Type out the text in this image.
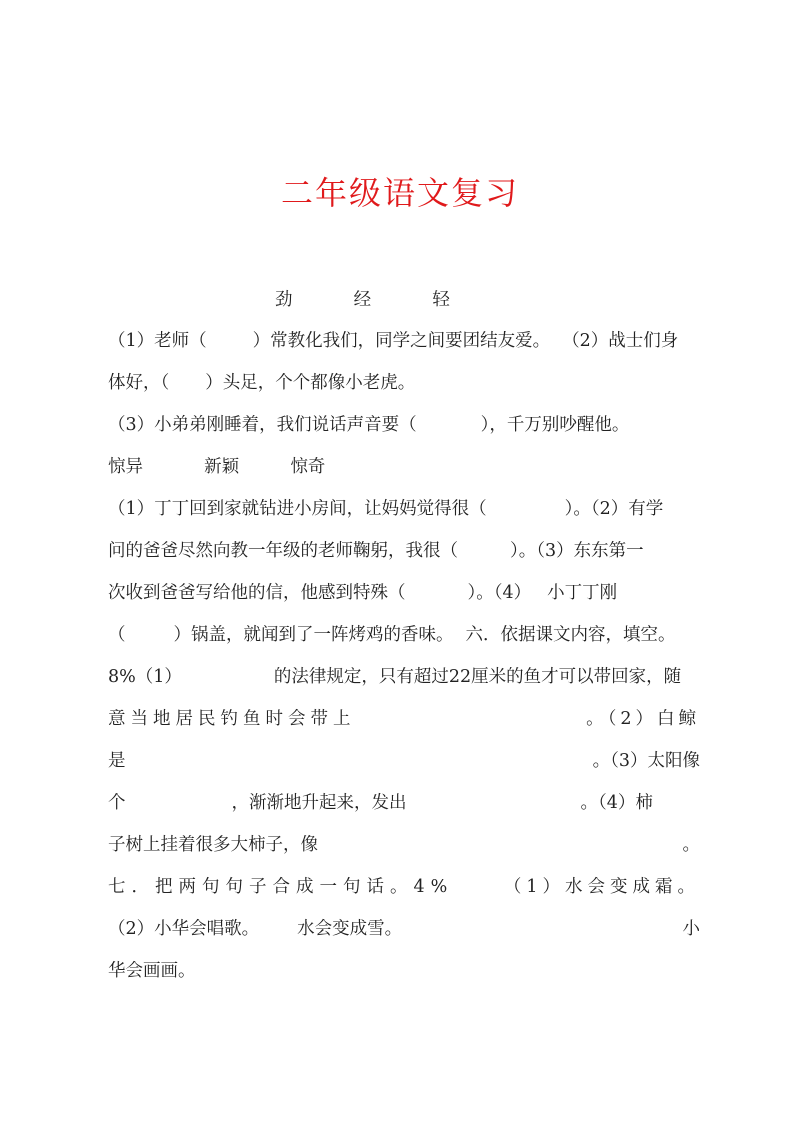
二年级语文复习
劲	经	轻
（1）老师（	）常教化我们，同学之间要团结友爱。 （2）战士们身
体好，（ ）头足，个个都像小老虎。
（3）小弟弟刚睡着，我们说话声音要（	），千万别吵醒他。
惊异	新颖	惊奇
（1）丁丁回到家就钻进小房间，让妈妈觉得很（	）。（2）有学
问的爸爸尽然向教一年级的老师鞠躬，我很（	）。（3）东东第一
次收到爸爸写给他的信，他感到特殊（	）。（4） 小丁丁刚
（	）锅盖，就闻到了一阵烤鸡的香味。 六．依据课文内容，填空。
8%（1）	的法律规定，只有超过22厘米的鱼才可以带回家，随
意当地居民钓鱼时会带上	。（2）白鲸
是	。（3）太阳像
个	，渐渐地升起来，发出	。（4）柿
子树上挂着很多大柿子，像	。
七．把两句句子合成一句话。4%	（1）水会变成霜。
（2）小华会唱歌。 水会变成雪。	小
华会画画。
